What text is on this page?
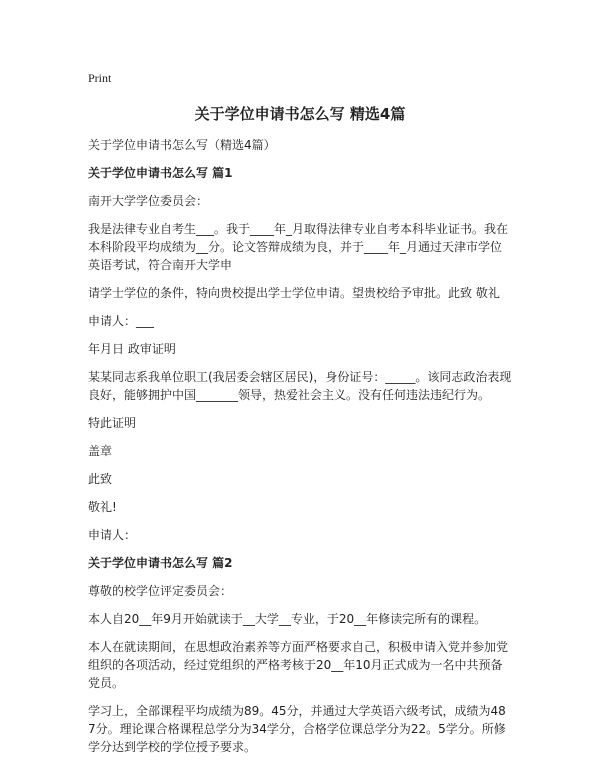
Print
关于学位申请书怎么写 精选4篇

关于学位申请书怎么写（精选4篇）

关于学位申请书怎么写 篇1

南开大学学位委员会：

我是法律专业自考生___。我于____年_月取得法律专业自考本科毕业证书。我在本科阶段平均成绩为__分。论文答辩成绩为良，并于____年_月通过天津市学位英语考试，符合南开大学申

请学士学位的条件，特向贵校提出学士学位申请。望贵校给予审批。此致 敬礼

申请人：___

年月日 政审证明

某某同志系我单位职工(我居委会辖区居民)，身份证号：_____。该同志政治表现良好，能够拥护中国_______领导，热爱社会主义。没有任何违法违纪行为。

特此证明

盖章

此致

敬礼!

申请人：

关于学位申请书怎么写 篇2

尊敬的校学位评定委员会：

本人自20__年9月开始就读于__大学__专业，于20__年修读完所有的课程。

本人在就读期间，在思想政治素养等方面严格要求自己，积极申请入党并参加党组织的各项活动，经过党组织的严格考核于20__年10月正式成为一名中共预备党员。

学习上，全部课程平均成绩为89。45分，并通过大学英语六级考试，成绩为487分。理论课合格课程总学分为34学分，合格学位课总学分为22。5学分。所修学分达到学校的学位授予要求。
